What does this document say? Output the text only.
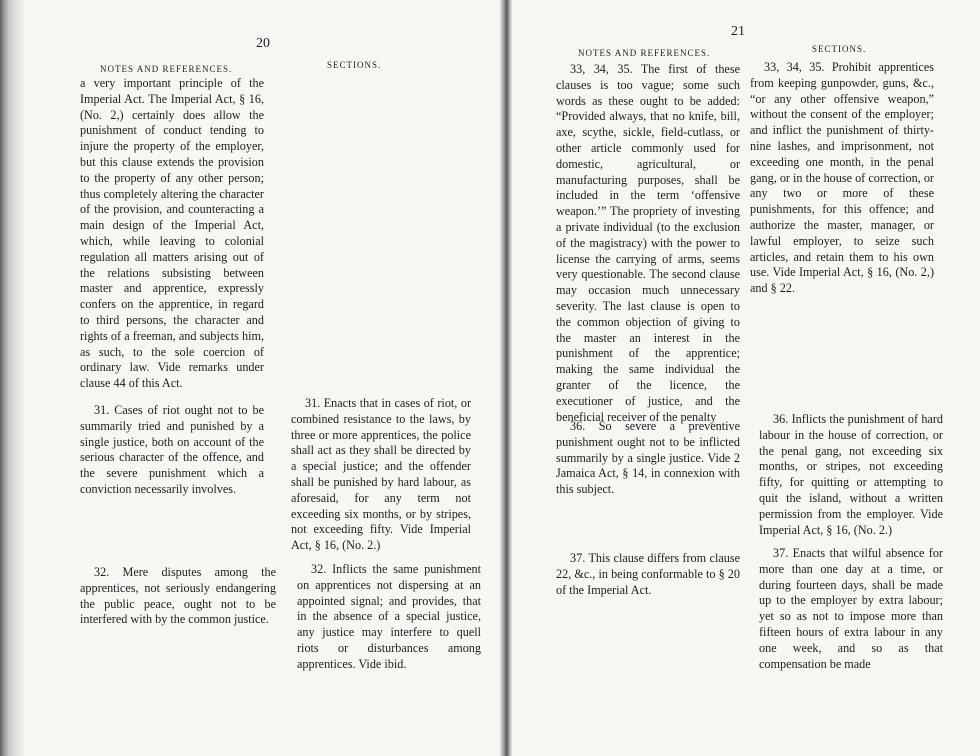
20
NOTES AND REFERENCES.	SECTIONS.

a very important principle of the Imperial Act. The Imperial Act, § 16, (No. 2,) certainly does allow the punishment of conduct tending to injure the property of the employer, but this clause extends the provision to the property of any other person; thus completely altering the character of the provision, and counteracting a main design of the Imperial Act, which, while leaving to colonial regulation all matters arising out of the relations subsisting between master and apprentice, expressly confers on the apprentice, in regard to third persons, the character and rights of a freeman, and subjects him, as such, to the sole coercion of ordinary law. Vide remarks under clause 44 of this Act.

31. Cases of riot ought not to be summarily tried and punished by a single justice, both on account of the serious character of the offence, and the severe punishment which a conviction necessarily involves.

32. Mere disputes among the apprentices, not seriously endangering the public peace, ought not to be interfered with by the common justice.

31. Enacts that in cases of riot, or combined resistance to the laws, by three or more apprentices, the police shall act as they shall be directed by a special justice; and the offender shall be punished by hard labour, as aforesaid, for any term not exceeding six months, or by stripes, not exceeding fifty. Vide Imperial Act, § 16, (No. 2.)

32. Inflicts the same punishment on apprentices not dispersing at an appointed signal; and provides, that in the absence of a special justice, any justice may interfere to quell riots or disturbances among apprentices. Vide ibid.

21
NOTES AND REFERENCES.	SECTIONS.

33, 34, 35. The first of these clauses is too vague; some such words as these ought to be added: “Provided always, that no knife, bill, axe, scythe, sickle, field-cutlass, or other article commonly used for domestic, agricultural, or manufacturing purposes, shall be included in the term ‘offensive weapon.’” The propriety of investing a private individual (to the exclusion of the magistracy) with the power to license the carrying of arms, seems very questionable. The second clause may occasion much unnecessary severity. The last clause is open to the common objection of giving to the master an interest in the punishment of the apprentice; making the same individual the granter of the licence, the executioner of justice, and the beneficial receiver of the penalty

36. So severe a preventive punishment ought not to be inflicted summarily by a single justice. Vide 2 Jamaica Act, § 14, in connexion with this subject.

37. This clause differs from clause 22, &c., in being conformable to § 20 of the Imperial Act.

33, 34, 35. Prohibit apprentices from keeping gunpowder, guns, &c., “or any other offensive weapon,” without the consent of the employer; and inflict the punishment of thirty-nine lashes, and imprisonment, not exceeding one month, in the penal gang, or in the house of correction, or any two or more of these punishments, for this offence; and authorize the master, manager, or lawful employer, to seize such articles, and retain them to his own use. Vide Imperial Act, § 16, (No. 2,) and § 22.

36. Inflicts the punishment of hard labour in the house of correction, or the penal gang, not exceeding six months, or stripes, not exceeding fifty, for quitting or attempting to quit the island, without a written permission from the employer. Vide Imperial Act, § 16, (No. 2.)

37. Enacts that wilful absence for more than one day at a time, or during fourteen days, shall be made up to the employer by extra labour; yet so as not to impose more than fifteen hours of extra labour in any one week, and so as that compensation be made
